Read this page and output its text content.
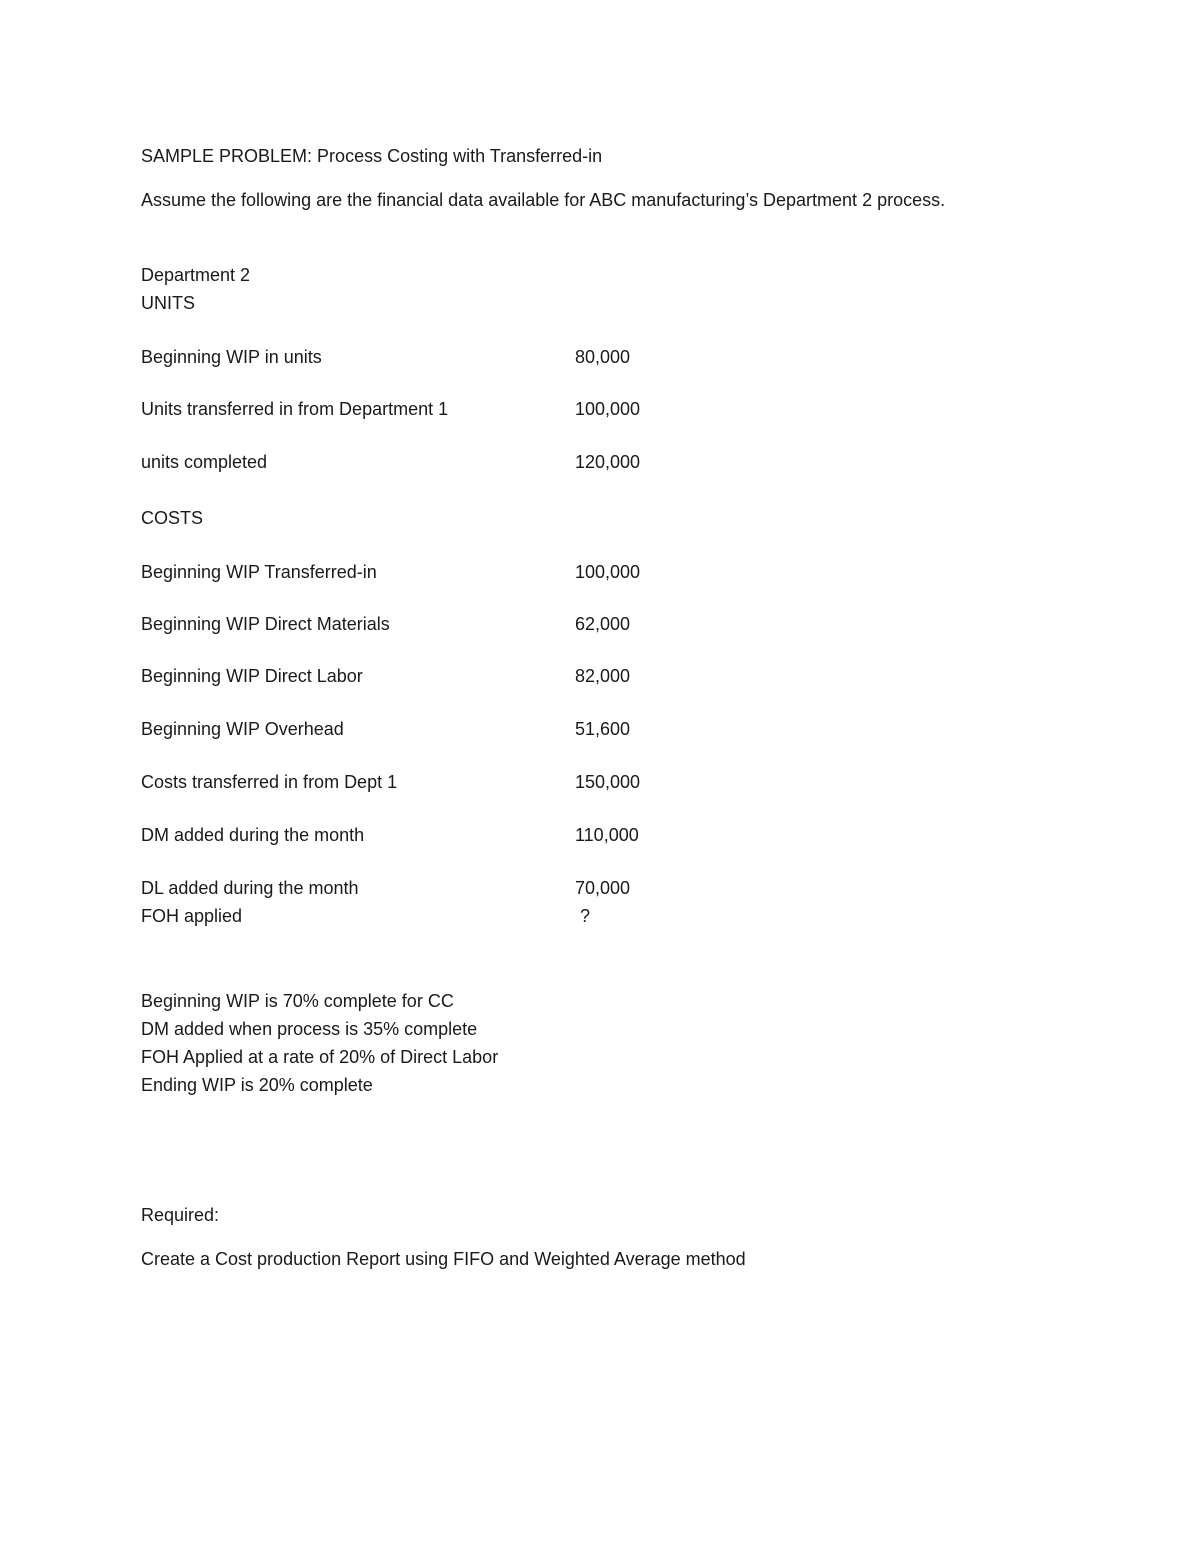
SAMPLE PROBLEM: Process Costing with Transferred-in
Assume the following are the financial data available for ABC manufacturing’s Department 2 process.
Department 2
UNITS
Beginning WIP in units	80,000
Units transferred in from Department 1	100,000
units completed	120,000
COSTS
Beginning WIP Transferred-in	100,000
Beginning WIP Direct Materials	62,000
Beginning WIP Direct Labor	82,000
Beginning WIP Overhead	51,600
Costs transferred in from Dept 1	150,000
DM added during the month	110,000
DL added during the month	70,000
FOH applied	?
Beginning WIP is 70% complete for CC
DM added when process is 35% complete
FOH Applied at a rate of 20% of Direct Labor
Ending WIP is 20% complete
Required:
Create a Cost production Report using FIFO and Weighted Average method
